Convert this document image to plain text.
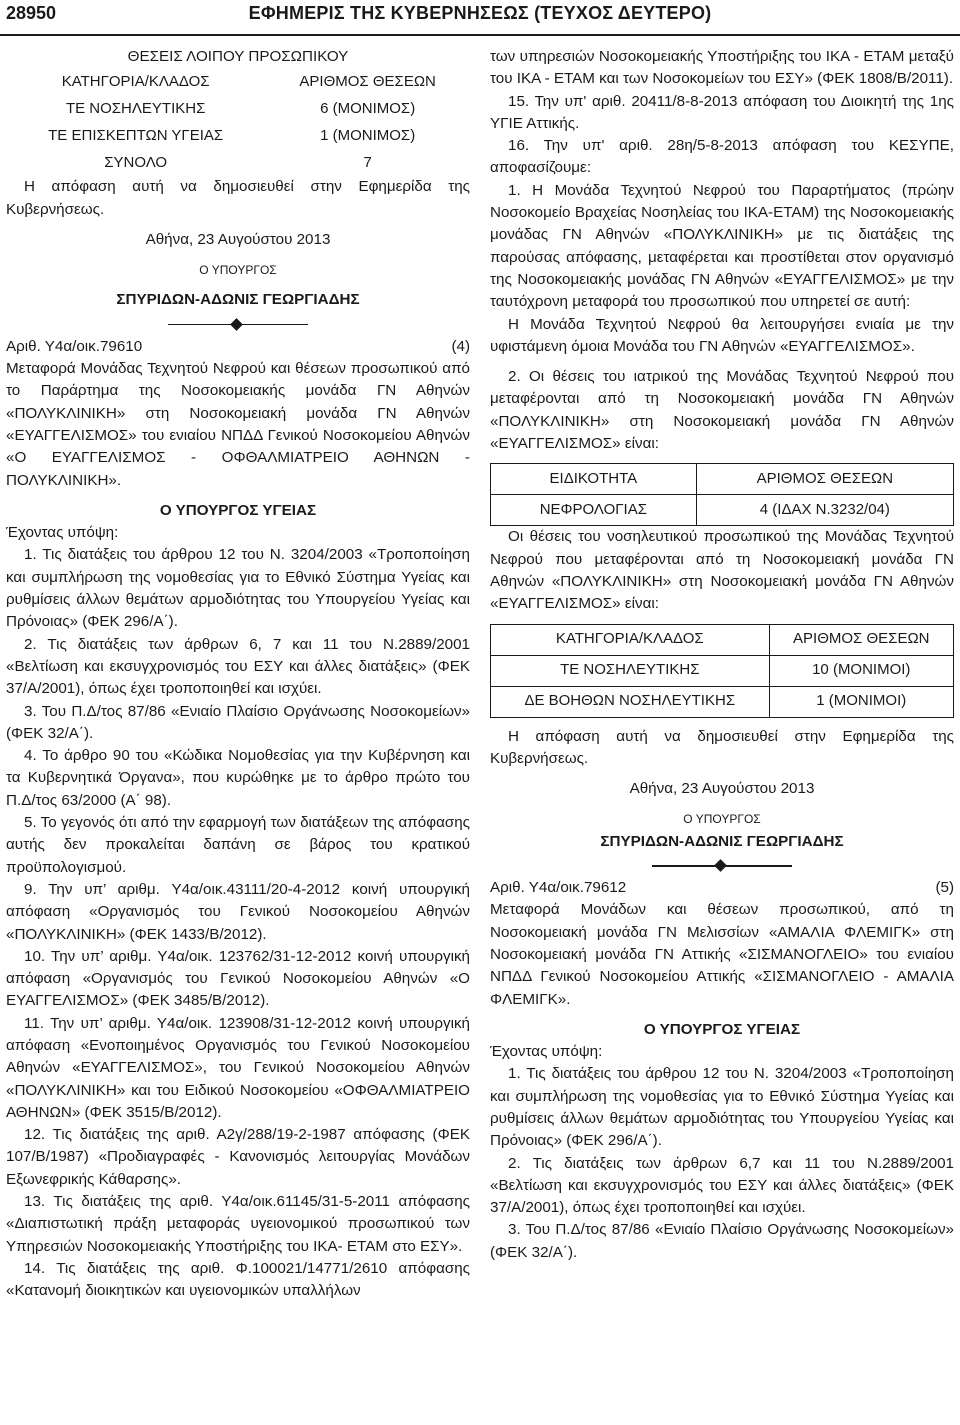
28950	ΕΦΗΜΕΡΙΣ ΤΗΣ ΚΥΒΕΡΝΗΣΕΩΣ (ΤΕΥΧΟΣ ΔΕΥΤΕΡΟ)

ΘΕΣΕΙΣ ΛΟΙΠΟΥ ΠΡΟΣΩΠΙΚΟΥ

ΚΑΤΗΓΟΡΙΑ/ΚΛΑΔΟΣ	ΑΡΙΘΜΟΣ ΘΕΣΕΩΝ
ΤΕ ΝΟΣΗΛΕΥΤΙΚΗΣ	6 (ΜΟΝΙΜΟΣ)
ΤΕ ΕΠΙΣΚΕΠΤΩΝ ΥΓΕΙΑΣ	1 (ΜΟΝΙΜΟΣ)
ΣΥΝΟΛΟ	7

Η απόφαση αυτή να δημοσιευθεί στην Εφημερίδα της Κυβερνήσεως.

Αθήνα, 23 Αυγούστου 2013

Ο ΥΠΟΥΡΓΟΣ

ΣΠΥΡΙΔΩΝ-ΑΔΩΝΙΣ ΓΕΩΡΓΙΑΔΗΣ

Αριθ. Υ4α/οικ.79610	(4)

Μεταφορά Μονάδας Τεχνητού Νεφρού και θέσεων προσωπικού από το Παράρτημα της Νοσοκομειακής μονάδα ΓΝ Αθηνών «ΠΟΛΥΚΛΙΝΙΚΗ» στη Νοσοκομειακή μονάδα ΓΝ Αθηνών «ΕΥΑΓΓΕΛΙΣΜΟΣ» του ενιαίου ΝΠΔΔ Γενικού Νοσοκομείου Αθηνών «Ο ΕΥΑΓΓΕΛΙΣΜΟΣ - ΟΦΘΑΛΜΙΑΤΡΕΙΟ ΑΘΗΝΩΝ - ΠΟΛΥΚΛΙΝΙΚΗ».

Ο ΥΠΟΥΡΓΟΣ ΥΓΕΙΑΣ

Έχοντας υπόψη:

1. Τις διατάξεις του άρθρου 12 του Ν. 3204/2003 «Τροποποίηση και συμπλήρωση της νομοθεσίας για το Εθνικό Σύστημα Υγείας και ρυθμίσεις άλλων θεμάτων αρμοδιότητας του Υπουργείου Υγείας και Πρόνοιας» (ΦΕΚ 296/Α΄).

2. Τις διατάξεις των άρθρων 6, 7 και 11 του Ν.2889/2001 «Βελτίωση και εκσυγχρονισμός του ΕΣΥ και άλλες διατάξεις» (ΦΕΚ 37/Α/2001), όπως έχει τροποποιηθεί και ισχύει.

3. Του Π.Δ/τος 87/86 «Ενιαίο Πλαίσιο Οργάνωσης Νοσοκομείων» (ΦΕΚ 32/Α΄).

4. Το άρθρο 90 του «Κώδικα Νομοθεσίας για την Κυβέρνηση και τα Κυβερνητικά Όργανα», που κυρώθηκε με το άρθρο πρώτο του Π.Δ/τος 63/2000 (Α΄ 98).

5. Το γεγονός ότι από την εφαρμογή των διατάξεων της απόφασης αυτής δεν προκαλείται δαπάνη σε βάρος του κρατικού προϋπολογισμού.

9. Την υπ’ αριθμ. Υ4α/οικ.43111/20-4-2012 κοινή υπουργική απόφαση «Οργανισμός του Γενικού Νοσοκομείου Αθηνών «ΠΟΛΥΚΛΙΝΙΚΗ» (ΦΕΚ 1433/Β/2012).

10. Την υπ’ αριθμ. Υ4α/οικ. 123762/31-12-2012 κοινή υπουργική απόφαση «Οργανισμός του Γενικού Νοσοκομείου Αθηνών «Ο ΕΥΑΓΓΕΛΙΣΜΟΣ» (ΦΕΚ 3485/Β/2012).

11. Την υπ’ αριθμ. Υ4α/οικ. 123908/31-12-2012 κοινή υπουργική απόφαση «Ενοποιημένος Οργανισμός του Γενικού Νοσοκομείου Αθηνών «ΕΥΑΓΓΕΛΙΣΜΟΣ», του Γενικού Νοσοκομείου Αθηνών «ΠΟΛΥΚΛΙΝΙΚΗ» και του Ειδικού Νοσοκομείου «ΟΦΘΑΛΜΙΑΤΡΕΙΟ ΑΘΗΝΩΝ» (ΦΕΚ 3515/Β/2012).

12. Τις διατάξεις της αριθ. Α2γ/288/19-2-1987 απόφασης (ΦΕΚ 107/Β/1987) «Προδιαγραφές - Κανονισμός λειτουργίας Μονάδων Εξωνεφρικής Κάθαρσης».

13. Τις διατάξεις της αριθ. Υ4α/οικ.61145/31-5-2011 απόφασης «Διαπιστωτική πράξη μεταφοράς υγειονομικού προσωπικού των Υπηρεσιών Νοσοκομειακής Υποστήριξης του ΙΚΑ- ΕΤΑΜ στο ΕΣΥ».

14. Τις διατάξεις της αριθ. Φ.100021/14771/2610 απόφασης «Κατανομή διοικητικών και υγειονομικών υπαλλήλων

των υπηρεσιών Νοσοκομειακής Υποστήριξης του ΙΚΑ - ΕΤΑΜ μεταξύ του ΙΚΑ - ΕΤΑΜ και των Νοσοκομείων του ΕΣΥ» (ΦΕΚ 1808/Β/2011).

15. Την υπ' αριθ. 20411/8-8-2013 απόφαση του Διοικητή της 1ης ΥΓΙΕ Αττικής.

16. Την υπ' αριθ. 28η/5-8-2013 απόφαση του ΚΕΣΥΠΕ, αποφασίζουμε:

1. Η Μονάδα Τεχνητού Νεφρού του Παραρτήματος (πρώην Νοσοκομείο Βραχείας Νοσηλείας του ΙΚΑ-ΕΤΑΜ) της Νοσοκομειακής μονάδας ΓΝ Αθηνών «ΠΟΛΥΚΛΙΝΙΚΗ» με τις διατάξεις της παρούσας απόφασης, μεταφέρεται και προστίθεται στον οργανισμό της Νοσοκομειακής μονάδας ΓΝ Αθηνών «ΕΥΑΓΓΕΛΙΣΜΟΣ» με την ταυτόχρονη μεταφορά του προσωπικού που υπηρετεί σε αυτή:

Η Μονάδα Τεχνητού Νεφρού θα λειτουργήσει ενιαία με την υφιστάμενη όμοια Μονάδα του ΓΝ Αθηνών «ΕΥΑΓΓΕΛΙΣΜΟΣ».

2. Οι θέσεις του ιατρικού της Μονάδας Τεχνητού Νεφρού που μεταφέρονται από τη Νοσοκομειακή μονάδα ΓΝ Αθηνών «ΠΟΛΥΚΛΙΝΙΚΗ» στη Νοσοκομειακή μονάδα ΓΝ Αθηνών «ΕΥΑΓΓΕΛΙΣΜΟΣ» είναι:

ΕΙΔΙΚΟΤΗΤΑ	ΑΡΙΘΜΟΣ ΘΕΣΕΩΝ
ΝΕΦΡΟΛΟΓΙΑΣ	4 (ΙΔΑΧ Ν.3232/04)

Οι θέσεις του νοσηλευτικού προσωπικού της Μονάδας Τεχνητού Νεφρού που μεταφέρονται από τη Νοσοκομειακή μονάδα ΓΝ Αθηνών «ΠΟΛΥΚΛΙΝΙΚΗ» στη Νοσοκομειακή μονάδα ΓΝ Αθηνών «ΕΥΑΓΓΕΛΙΣΜΟΣ» είναι:

ΚΑΤΗΓΟΡΙΑ/ΚΛΑΔΟΣ	ΑΡΙΘΜΟΣ ΘΕΣΕΩΝ
ΤΕ ΝΟΣΗΛΕΥΤΙΚΗΣ	10 (ΜΟΝΙΜΟΙ)
ΔΕ ΒΟΗΘΩΝ ΝΟΣΗΛΕΥΤΙΚΗΣ	1 (ΜΟΝΙΜΟΙ)

Η απόφαση αυτή να δημοσιευθεί στην Εφημερίδα της Κυβερνήσεως.

Αθήνα, 23 Αυγούστου 2013

Ο ΥΠΟΥΡΓΟΣ

ΣΠΥΡΙΔΩΝ-ΑΔΩΝΙΣ ΓΕΩΡΓΙΑΔΗΣ

Αριθ. Υ4α/οικ.79612	(5)

Μεταφορά Μονάδων και θέσεων προσωπικού, από τη Νοσοκομειακή μονάδα ΓΝ Μελισσίων «ΑΜΑΛΙΑ ΦΛΕΜΙΓΚ» στη Νοσοκομειακή μονάδα ΓΝ Αττικής «ΣΙΣΜΑΝΟΓΛΕΙΟ» του ενιαίου ΝΠΔΔ Γενικού Νοσοκομείου Αττικής «ΣΙΣΜΑΝΟΓΛΕΙΟ - ΑΜΑΛΙΑ ΦΛΕΜΙΓΚ».

Ο ΥΠΟΥΡΓΟΣ ΥΓΕΙΑΣ

Έχοντας υπόψη:

1. Τις διατάξεις του άρθρου 12 του Ν. 3204/2003 «Τροποποίηση και συμπλήρωση της νομοθεσίας για το Εθνικό Σύστημα Υγείας και ρυθμίσεις άλλων θεμάτων αρμοδιότητας του Υπουργείου Υγείας και Πρόνοιας» (ΦΕΚ 296/Α΄).

2. Τις διατάξεις των άρθρων 6,7 και 11 του Ν.2889/2001 «Βελτίωση και εκσυγχρονισμός του ΕΣΥ και άλλες διατάξεις» (ΦΕΚ 37/Α/2001), όπως έχει τροποποιηθεί και ισχύει.

3. Του Π.Δ/τος 87/86 «Ενιαίο Πλαίσιο Οργάνωσης Νοσοκομείων» (ΦΕΚ 32/Α΄).
